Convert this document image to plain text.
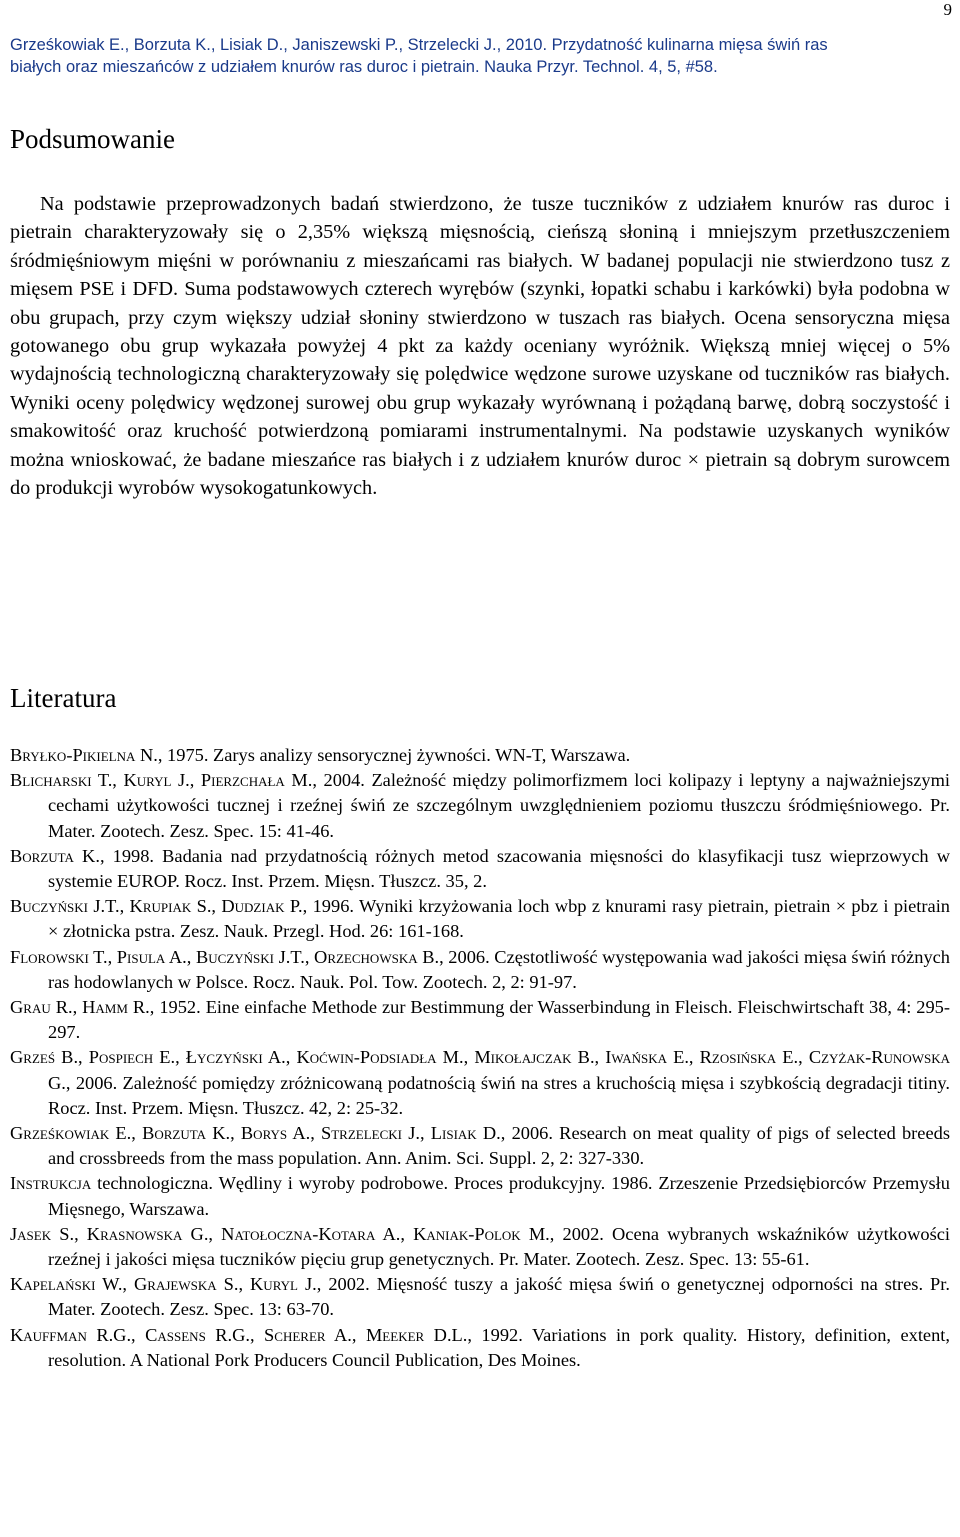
9

Grześkowiak E., Borzuta K., Lisiak D., Janiszewski P., Strzelecki J., 2010. Przydatność kulinarna mięsa świń ras

białych oraz mieszańców z udziałem knurów ras duroc i pietrain. Nauka Przyr. Technol. 4, 5, #58.

Podsumowanie

Na podstawie przeprowadzonych badań stwierdzono, że tusze tuczników z udziałem knurów ras duroc i pietrain charakteryzowały się o 2,35% większą mięsnością, cieńszą słoniną i mniejszym przetłuszczeniem śródmięśniowym mięśni w porównaniu z mieszańcami ras białych. W badanej populacji nie stwierdzono tusz z mięsem PSE i DFD. Suma podstawowych czterech wyrębów (szynki, łopatki schabu i karkówki) była podobna w obu grupach, przy czym większy udział słoniny stwierdzono w tuszach ras białych. Ocena sensoryczna mięsa gotowanego obu grup wykazała powyżej 4 pkt za każdy oceniany wyróżnik. Większą mniej więcej o 5% wydajnością technologiczną charakteryzowały się polędwice wędzone surowe uzyskane od tuczników ras białych. Wyniki oceny polędwicy wędzonej surowej obu grup wykazały wyrównaną i pożądaną barwę, dobrą soczystość i smakowitość oraz kruchość potwierdzoną pomiarami instrumentalnymi. Na podstawie uzyskanych wyników można wnioskować, że badane mieszańce ras białych i z udziałem knurów duroc × pietrain są dobrym surowcem do produkcji wyrobów wysokogatunkowych.

Literatura
Bryłko-Pikielna N., 1975. Zarys analizy sensorycznej żywności. WN-T, Warszawa.
Blicharski T., Kuryl J., Pierzchała M., 2004. Zależność między polimorfizmem loci kolipazy i leptyny a najważniejszymi cechami użytkowości tucznej i rzeźnej świń ze szczególnym uwzględnieniem poziomu tłuszczu śródmięśniowego. Pr. Mater. Zootech. Zesz. Spec. 15: 41-46.
Borzuta K., 1998. Badania nad przydatnością różnych metod szacowania mięsności do klasyfikacji tusz wieprzowych w systemie EUROP. Rocz. Inst. Przem. Mięsn. Tłuszcz. 35, 2.
Buczyński J.T., Krupiak S., Dudziak P., 1996. Wyniki krzyżowania loch wbp z knurami rasy pietrain, pietrain × pbz i pietrain × złotnicka pstra. Zesz. Nauk. Przegl. Hod. 26: 161-168.
Florowski T., Pisula A., Buczyński J.T., Orzechowska B., 2006. Częstotliwość występowania wad jakości mięsa świń różnych ras hodowlanych w Polsce. Rocz. Nauk. Pol. Tow. Zootech. 2, 2: 91-97.
Grau R., Hamm R., 1952. Eine einfache Methode zur Bestimmung der Wasserbindung in Fleisch. Fleischwirtschaft 38, 4: 295-297.
Grześ B., Pospiech E., Łyczyński A., Koćwin-Podsiadła M., Mikołajczak B., Iwańska E., Rzosińska E., Czyżak-Runowska G., 2006. Zależność pomiędzy zróżnicowaną podatnością świń na stres a kruchością mięsa i szybkością degradacji titiny. Rocz. Inst. Przem. Mięsn. Tłuszcz. 42, 2: 25-32.
Grześkowiak E., Borzuta K., Borys A., Strzelecki J., Lisiak D., 2006. Research on meat quality of pigs of selected breeds and crossbreeds from the mass population. Ann. Anim. Sci. Suppl. 2, 2: 327-330.
Instrukcja technologiczna. Wędliny i wyroby podrobowe. Proces produkcyjny. 1986. Zrzeszenie Przedsiębiorców Przemysłu Mięsnego, Warszawa.
Jasek S., Krasnowska G., Natołoczna-Kotara A., Kaniak-Polok M., 2002. Ocena wybranych wskaźników użytkowości rzeźnej i jakości mięsa tuczników pięciu grup genetycznych. Pr. Mater. Zootech. Zesz. Spec. 13: 55-61.
Kapelański W., Grajewska S., Kuryl J., 2002. Mięsność tuszy a jakość mięsa świń o genetycznej odporności na stres. Pr. Mater. Zootech. Zesz. Spec. 13: 63-70.
Kauffman R.G., Cassens R.G., Scherer A., Meeker D.L., 1992. Variations in pork quality. History, definition, extent, resolution. A National Pork Producers Council Publication, Des Moines.
